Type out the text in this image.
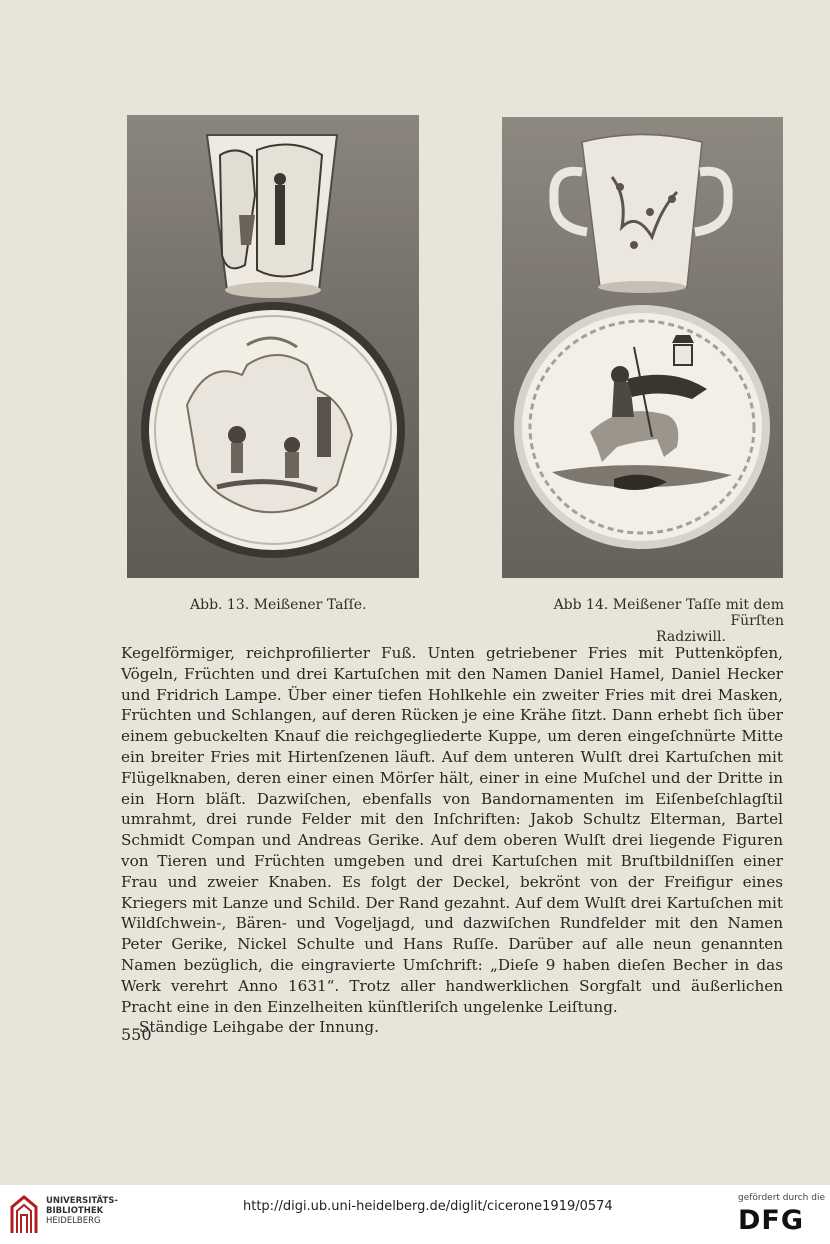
Abb. 13. Meißener Taſſe.	Abb 14. Meißener Taſſe mit dem Fürſten
Radziwill.

Kegelförmiger, reichprofilierter Fuß. Unten getriebener Fries mit Puttenköpfen, Vögeln, Früchten und drei Kartuſchen mit den Namen Daniel Hamel, Daniel Hecker und Fridrich Lampe. Über einer tiefen Hohlkehle ein zweiter Fries mit drei Masken, Früchten und Schlangen, auf deren Rücken je eine Krähe ſitzt. Dann erhebt ſich über einem gebuckelten Knauf die reichgegliederte Kuppe, um deren eingeſchnürte Mitte ein breiter Fries mit Hirtenſzenen läuft. Auf dem unteren Wulſt drei Kartuſchen mit Flügelknaben, deren einer einen Mörſer hält, einer in eine Muſchel und der Dritte in ein Horn bläſt. Dazwiſchen, ebenfalls von Bandornamenten im Eiſenbeſchlagſtil umrahmt, drei runde Felder mit den Inſchriften: Jakob Schultz Elterman, Bartel Schmidt Compan und Andreas Gerike. Auf dem oberen Wulſt drei liegende Figuren von Tieren und Früchten umgeben und drei Kartuſchen mit Bruſtbildniſſen einer Frau und zweier Knaben. Es folgt der Deckel, bekrönt von der Freifigur eines Kriegers mit Lanze und Schild. Der Rand gezahnt. Auf dem Wulſt drei Kartuſchen mit Wildſchwein-, Bären- und Vogeljagd, und dazwiſchen Rundfelder mit den Namen Peter Gerike, Nickel Schulte und Hans Ruſſe. Darüber auf alle neun genannten Namen bezüglich, die eingravierte Umſchrift: „Dieſe 9 haben dieſen Becher in das Werk verehrt Anno 1631“. Trotz aller handwerklichen Sorgfalt und äußerlichen Pracht eine in den Einzelheiten künſtleriſch ungelenke Leiſtung.

Ständige Leihgabe der Innung.

550
UNIVERSITÄTS-
BIBLIOTHEK
HEIDELBERG
http://digi.ub.uni-heidelberg.de/diglit/cicerone1919/0574
gefördert durch die
DFG
